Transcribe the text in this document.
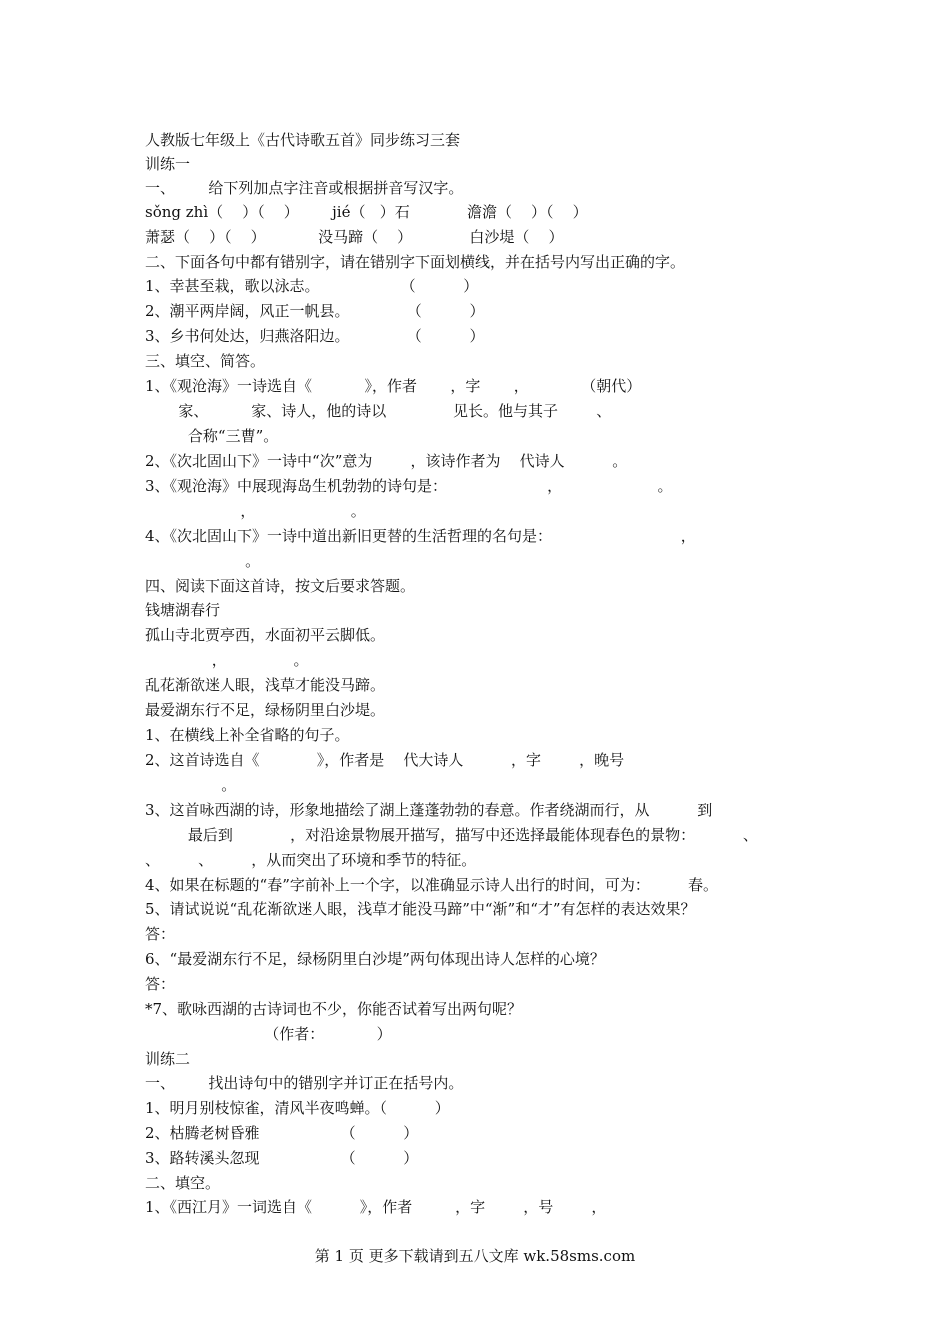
人教版七年级上《古代诗歌五首》同步练习三套
训练一
一、       给下列加点字注音或根据拼音写汉字。
sǒng zhì（    ）（    ）       jié（   ）石            澹澹（    ）（    ）
萧瑟（    ）（    ）           没马蹄（    ）            白沙堤（    ）
二、下面各句中都有错别字，请在错别字下面划横线，并在括号内写出正确的字。
1、幸甚至栽，歌以泳志。                 （          ）
2、潮平两岸阔，风正一帆县。            （          ）
3、乡书何处达，归燕洛阳边。            （          ）
三、填空、简答。
1、《观沧海》一诗选自《           》，作者       ，字       ，           （朝代）
家、         家、诗人，他的诗以              见长。他与其子        、
合称“三曹”。
2、《次北固山下》一诗中“次”意为        ，该诗作者为    代诗人          。
3、《观沧海》中展现海岛生机勃勃的诗句是：                     ，                    。
，                    。
4、《次北固山下》一诗中道出新旧更替的生活哲理的名句是：                           ，
。
四、阅读下面这首诗，按文后要求答题。
钱塘湖春行
孤山寺北贾亭西，水面初平云脚低。
，              。
乱花渐欲迷人眼，浅草才能没马蹄。
最爱湖东行不足，绿杨阴里白沙堤。
1、在横线上补全省略的句子。
2、这首诗选自《            》，作者是    代大诗人          ，字        ，晚号
。
3、这首咏西湖的诗，形象地描绘了湖上蓬蓬勃勃的春意。作者绕湖而行，从          到
最后到            ，对沿途景物展开描写，描写中还选择最能体现春色的景物：          、
、        、        ，从而突出了环境和季节的特征。
4、如果在标题的“春”字前补上一个字，以准确显示诗人出行的时间，可为：        春。
5、请试说说“乱花渐欲迷人眼，浅草才能没马蹄”中“渐”和“才”有怎样的表达效果？
答：
6、“最爱湖东行不足，绿杨阴里白沙堤”两句体现出诗人怎样的心境？
答：
*7、歌咏西湖的古诗词也不少，你能否试着写出两句呢？
（作者：           ）
训练二
一、       找出诗句中的错别字并订正在括号内。
1、明月别枝惊雀，清风半夜鸣蝉。（          ）
2、枯腾老树昏雅                 （          ）
3、路转溪头忽现                 （          ）
二、填空。
1、《西江月》一词选自《          》，作者         ，字        ，号        ，
第 1 页 更多下载请到五八文库 wk.58sms.com
